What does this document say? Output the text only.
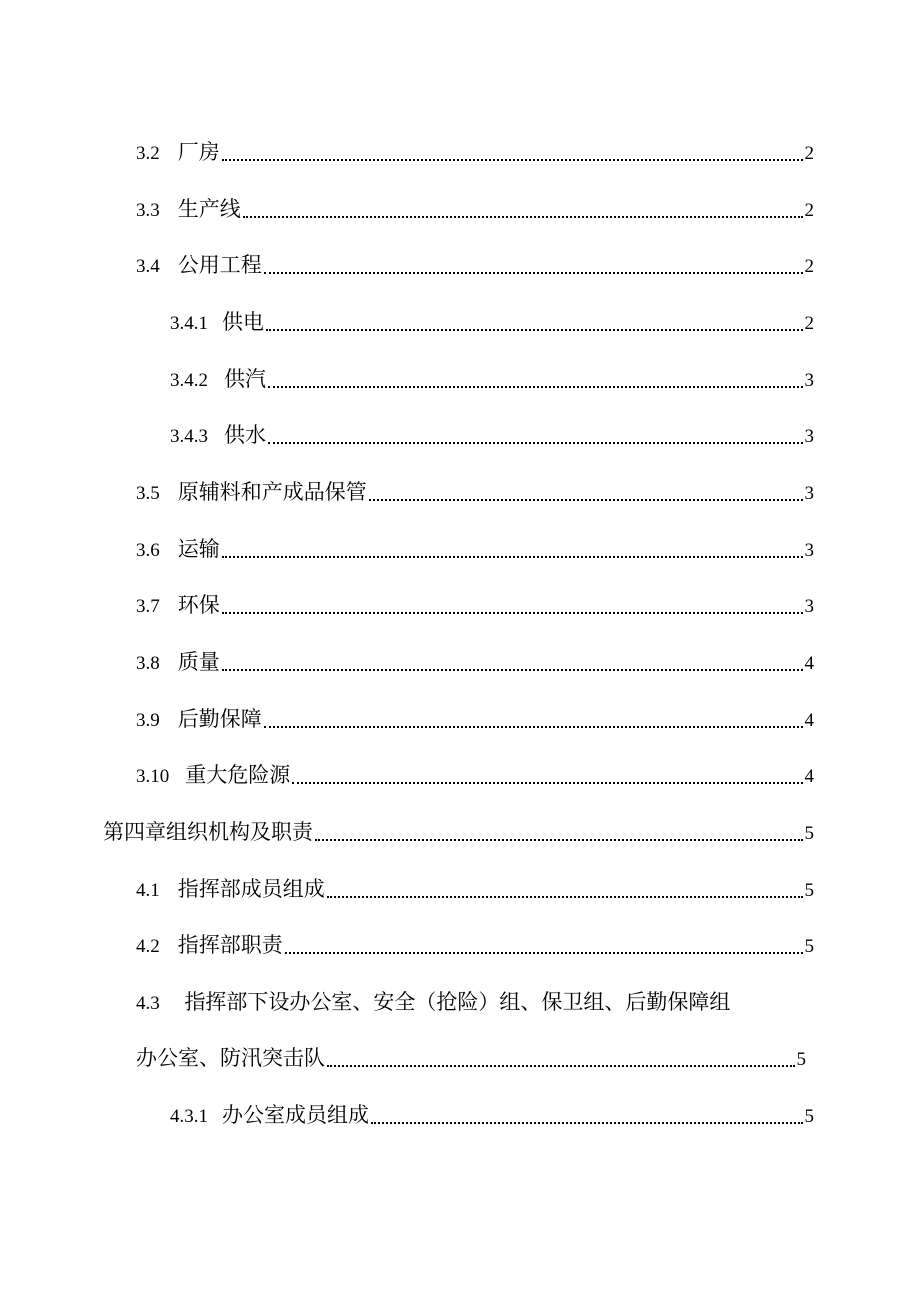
3.2 厂房	2
3.3 生产线	2
3.4 公用工程	2
3.4.1 供电	2
3.4.2 供汽	3
3.4.3 供水	3
3.5 原辅料和产成品保管	3
3.6 运输	3
3.7 环保	3
3.8 质量	4
3.9 后勤保障	4
3.10 重大危险源	4
第四章组织机构及职责	5
4.1 指挥部成员组成	5
4.2 指挥部职责	5
4.3 指挥部下设办公室、安全（抢险）组、保卫组、后勤保障组
办公室、防汛突击队	5
4.3.1 办公室成员组成	5
